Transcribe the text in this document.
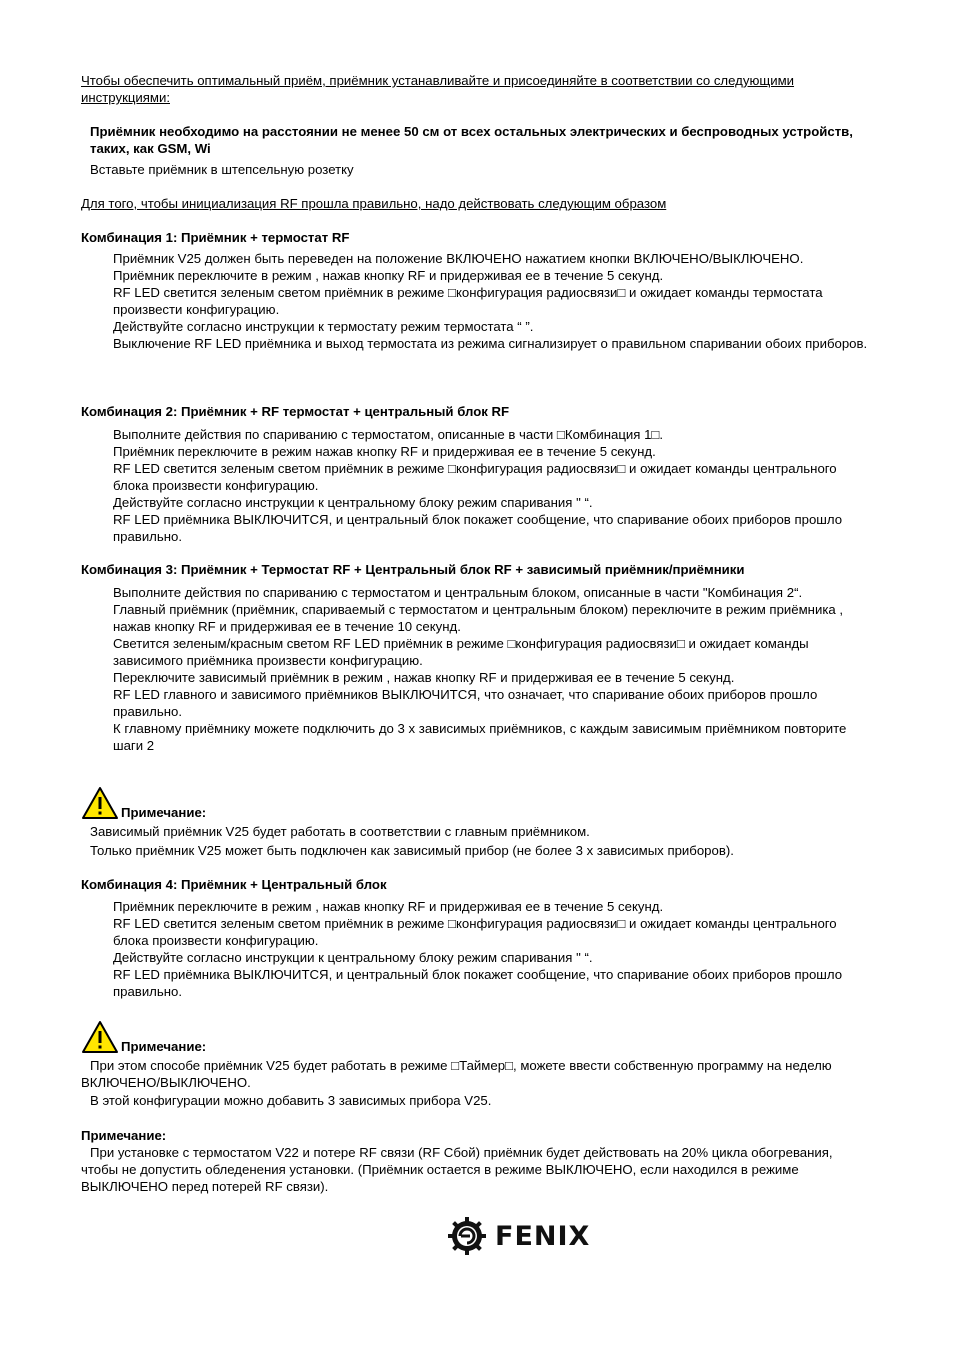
Чтобы обеспечить оптимальный приём, приёмник устанавливайте и присоединяйте в соответствии со следующими инструкциями:
Приёмник необходимо на расстоянии не менее 50 см от всех остальных электрических и беспроводных устройств, таких, как GSM, Wi
Вставьте приёмник в штепсельную розетку
Для того, чтобы инициализация RF прошла правильно, надо действовать следующим образом
Комбинация 1: Приёмник + термостат RF

Приёмник V25 должен быть переведен на положение ВКЛЮЧЕНО нажатием кнопки ВКЛЮЧЕНО/ВЫКЛЮЧЕНО.

Приёмник переключите в режим , нажав кнопку RF и придерживая ее в течение 5 секунд.

RF LED светится зеленым светом приёмник в режиме □конфигурация радиосвязи□ и ожидает команды термостата произвести конфигурацию.

Действуйте согласно инструкции к термостату режим термостата “ ”.

Выключение RF LED приёмника и выход термостата из режима сигнализирует о правильном спаривании обоих приборов.

Комбинация 2: Приёмник + RF термостат + центральный блок RF

Выполните действия по спариванию с термостатом, описанные в части □Комбинация 1□.

Приёмник переключите в режим нажав кнопку RF и придерживая ее в течение 5 секунд.

RF LED светится зеленым светом приёмник в режиме □конфигурация радиосвязи□ и ожидает команды центрального блока произвести конфигурацию.

Действуйте согласно инструкции к центральному блоку режим спаривания " “.

RF LED приёмника ВЫКЛЮЧИТСЯ, и центральный блок покажет сообщение, что спаривание обоих приборов прошло правильно.

Комбинация 3: Приёмник + Термостат RF + Центральный блок RF + зависимый приёмник/приёмники

Выполните действия по спариванию с термостатом и центральным блоком, описанные в части "Комбинация 2“.

Главный приёмник (приёмник, спариваемый с термостатом и центральным блоком) переключите в режим приёмника , нажав кнопку RF и придерживая ее в течение 10 секунд.

Светится зеленым/красным светом RF LED приёмник в режиме □конфигурация радиосвязи□ и ожидает команды зависимого приёмника произвести конфигурацию.

Переключите зависимый приёмник в режим , нажав кнопку RF и придерживая ее в течение 5 секунд.

RF LED главного и зависимого приёмников ВЫКЛЮЧИТСЯ, что означает, что спаривание обоих приборов прошло правильно.

К главному приёмнику можете подключить до 3 х зависимых приёмников, с каждым зависимым приёмником повторите шаги 2

Примечание:
Зависимый приёмник V25 будет работать в соответствии с главным приёмником.
Только приёмник V25 может быть подключен как зависимый прибор (не более 3 х зависимых приборов).
Комбинация 4: Приёмник + Центральный блок

Приёмник переключите в режим , нажав кнопку RF и придерживая ее в течение 5 секунд.

RF LED светится зеленым светом приёмник в режиме □конфигурация радиосвязи□ и ожидает команды центрального блока произвести конфигурацию.

Действуйте согласно инструкции к центральному блоку режим спаривания " “.

RF LED приёмника ВЫКЛЮЧИТСЯ, и центральный блок покажет сообщение, что спаривание обоих приборов прошло правильно.

Примечание:
При этом способе приёмник V25 будет работать в режиме □Таймер□, можете ввести собственную программу на неделю ВКЛЮЧЕНО/ВЫКЛЮЧЕНО.
В этой конфигурации можно добавить 3 зависимых прибора V25.
Примечание:
При установке с термостатом V22 и потере RF связи (RF Сбой) приёмник будет действовать на 20% цикла обогревания, чтобы не допустить обледенения установки. (Приёмник остается в режиме ВЫКЛЮЧЕНО, если находился в режиме ВЫКЛЮЧЕНО перед потерей RF связи).
FENIX
